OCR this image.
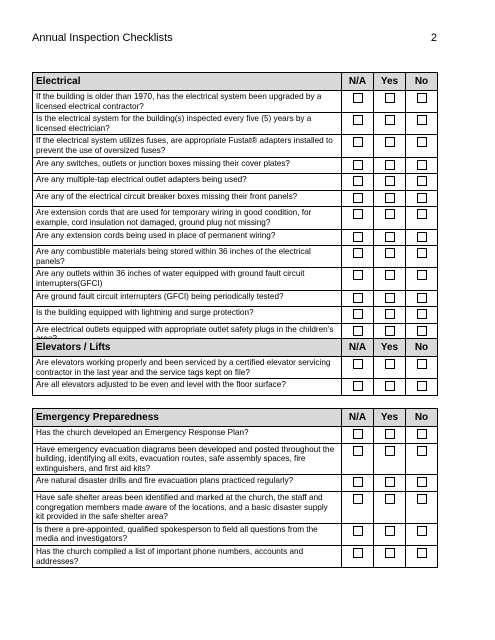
Annual Inspection Checklists	2
Electrical	N/A	Yes	No
If the building is older than 1970, has the electrical system been upgraded by a licensed electrical contractor?			
Is the electrical system for the building(s) inspected every five (5) years by a licensed electrician?			
If the electrical system utilizes fuses, are appropriate Fustat® adapters installed to prevent the use of oversized fuses?			
Are any switches, outlets or junction boxes missing their cover plates?			
Are any multiple-tap electrical outlet adapters being used?			
Are any of the electrical circuit breaker boxes missing their front panels?			
Are extension cords that are used for temporary wiring in good condition, for example, cord insulation not damaged, ground plug not missing?			
Are any extension cords being used in place of permanent wiring?			
Are any combustible materials being stored within 36 inches of the electrical panels?			
Are any outlets within 36 inches of water equipped with ground fault circuit interrupters(GFCI)			
Are ground fault circuit interrupters (GFCI) being periodically tested?			
Is the building equipped with lightning and surge protection?			
Are electrical outlets equipped with appropriate outlet safety plugs in the children’s			
Elevators / Lifts	N/A	Yes	No
Are elevators working properly and been serviced by a certified elevator servicing contractor in the last year and the service tags kept on file?			
Are all elevators adjusted to be even and level with the floor surface?			
Emergency Preparedness	N/A	Yes	No
Has the church developed an Emergency Response Plan?			
Have emergency evacuation diagrams been developed and posted throughout the building, identifying all exits, evacuation routes, safe assembly spaces, fire extinguishers, and first aid kits?			
Are natural disaster drills and fire evacuation plans practiced regularly?			
Have safe shelter areas been identified and marked at the church, the staff and congregation members made aware of the locations, and a basic disaster supply kit provided in the safe shelter area?			
Is there a pre-appointed, qualified spokesperson to field all questions from the media and investigators?			
Has the church compiled a list of important phone numbers, accounts and addresses?			
